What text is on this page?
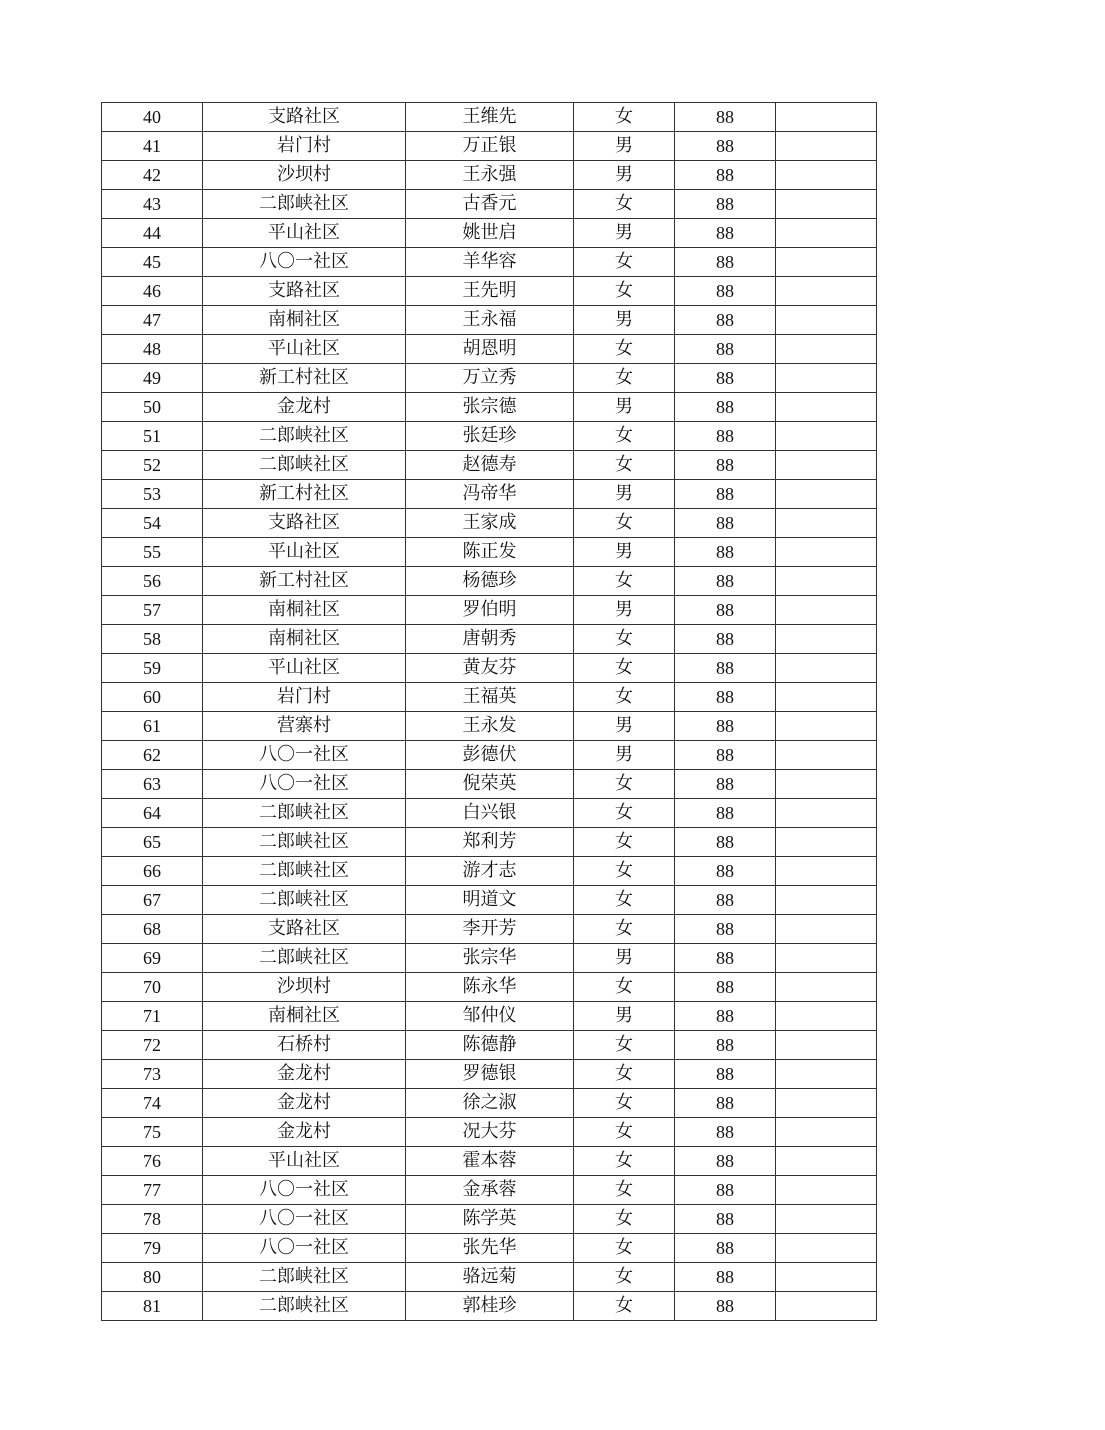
40	支路社区	王维先	女	88	
41	岩门村	万正银	男	88	
42	沙坝村	王永强	男	88	
43	二郎峡社区	古香元	女	88	
44	平山社区	姚世启	男	88	
45	八〇一社区	羊华容	女	88	
46	支路社区	王先明	女	88	
47	南桐社区	王永福	男	88	
48	平山社区	胡恩明	女	88	
49	新工村社区	万立秀	女	88	
50	金龙村	张宗德	男	88	
51	二郎峡社区	张廷珍	女	88	
52	二郎峡社区	赵德寿	女	88	
53	新工村社区	冯帝华	男	88	
54	支路社区	王家成	女	88	
55	平山社区	陈正发	男	88	
56	新工村社区	杨德珍	女	88	
57	南桐社区	罗伯明	男	88	
58	南桐社区	唐朝秀	女	88	
59	平山社区	黄友芬	女	88	
60	岩门村	王福英	女	88	
61	营寨村	王永发	男	88	
62	八〇一社区	彭德伏	男	88	
63	八〇一社区	倪荣英	女	88	
64	二郎峡社区	白兴银	女	88	
65	二郎峡社区	郑利芳	女	88	
66	二郎峡社区	游才志	女	88	
67	二郎峡社区	明道文	女	88	
68	支路社区	李开芳	女	88	
69	二郎峡社区	张宗华	男	88	
70	沙坝村	陈永华	女	88	
71	南桐社区	邹仲仪	男	88	
72	石桥村	陈德静	女	88	
73	金龙村	罗德银	女	88	
74	金龙村	徐之淑	女	88	
75	金龙村	况大芬	女	88	
76	平山社区	霍本蓉	女	88	
77	八〇一社区	金承蓉	女	88	
78	八〇一社区	陈学英	女	88	
79	八〇一社区	张先华	女	88	
80	二郎峡社区	骆远菊	女	88	
81	二郎峡社区	郭桂珍	女	88	
